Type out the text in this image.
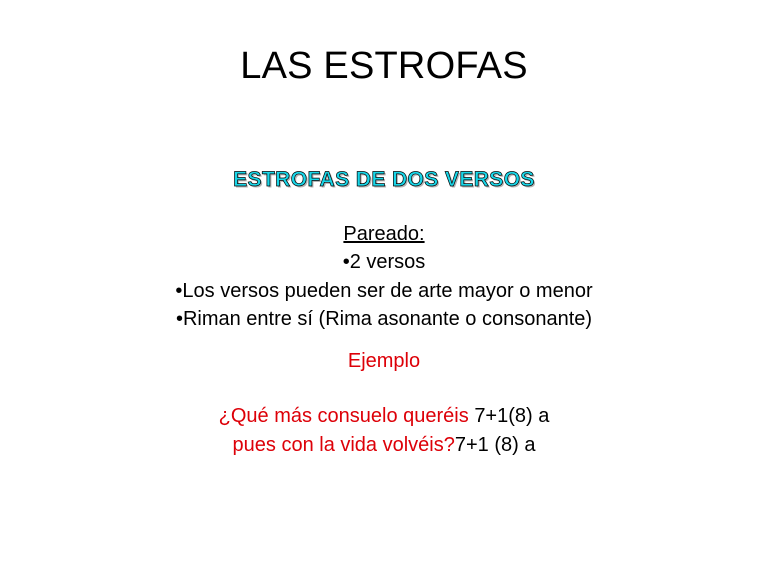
LAS ESTROFAS
ESTROFAS DE DOS VERSOS
Pareado:
•2 versos
•Los versos pueden ser de arte mayor o menor
•Riman entre sí (Rima asonante o consonante)
Ejemplo
¿Qué más consuelo queréis 7+1(8) a
pues con la vida volvéis?7+1 (8) a
